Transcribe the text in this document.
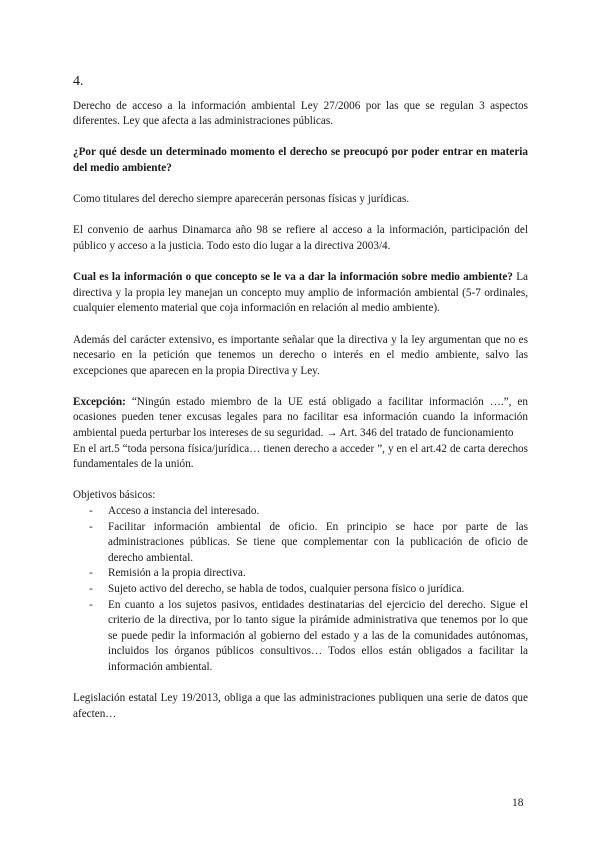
4.

Derecho de acceso a la información ambiental Ley 27/2006 por las que se regulan 3 aspectos diferentes. Ley que afecta a las administraciones públicas.

¿Por qué desde un determinado momento el derecho se preocupó por poder entrar en materia del medio ambiente?

Como titulares del derecho siempre aparecerán personas físicas y jurídicas.

El convenio de aarhus Dinamarca año 98 se refiere al acceso a la información, participación del público y acceso a la justicia. Todo esto dio lugar a la directiva 2003/4.

Cual es la información o que concepto se le va a dar la información sobre medio ambiente? La directiva y la propia ley manejan un concepto muy amplio de información ambiental (5-7 ordinales, cualquier elemento material que coja información en relación al medio ambiente).

Además del carácter extensivo, es importante señalar que la directiva y la ley argumentan que no es necesario en la petición que tenemos un derecho o interés en el medio ambiente, salvo las excepciones que aparecen en la propia Directiva y Ley.

Excepción: “Ningún estado miembro de la UE está obligado a facilitar información ….”, en ocasiones pueden tener excusas legales para no facilitar esa información cuando la información ambiental pueda perturbar los intereses de su seguridad. → Art. 346 del tratado de funcionamiento

En el art.5 “toda persona física/jurídica… tienen derecho a acceder ”, y en el art.42 de carta derechos fundamentales de la unión.

Objetivos básicos:
- Acceso a instancia del interesado.
- Facilitar información ambiental de oficio. En principio se hace por parte de las administraciones públicas. Se tiene que complementar con la publicación de oficio de derecho ambiental.
- Remisión a la propia directiva.
- Sujeto activo del derecho, se habla de todos, cualquier persona físico o jurídica.
- En cuanto a los sujetos pasivos, entidades destinatarias del ejercicio del derecho. Sigue el criterio de la directiva, por lo tanto sigue la pirámide administrativa que tenemos por lo que se puede pedir la información al gobierno del estado y a las de la comunidades autónomas, incluidos los órganos públicos consultivos… Todos ellos están obligados a facilitar la información ambiental.

Legislación estatal Ley 19/2013, obliga a que las administraciones publiquen una serie de datos que afecten…

18
